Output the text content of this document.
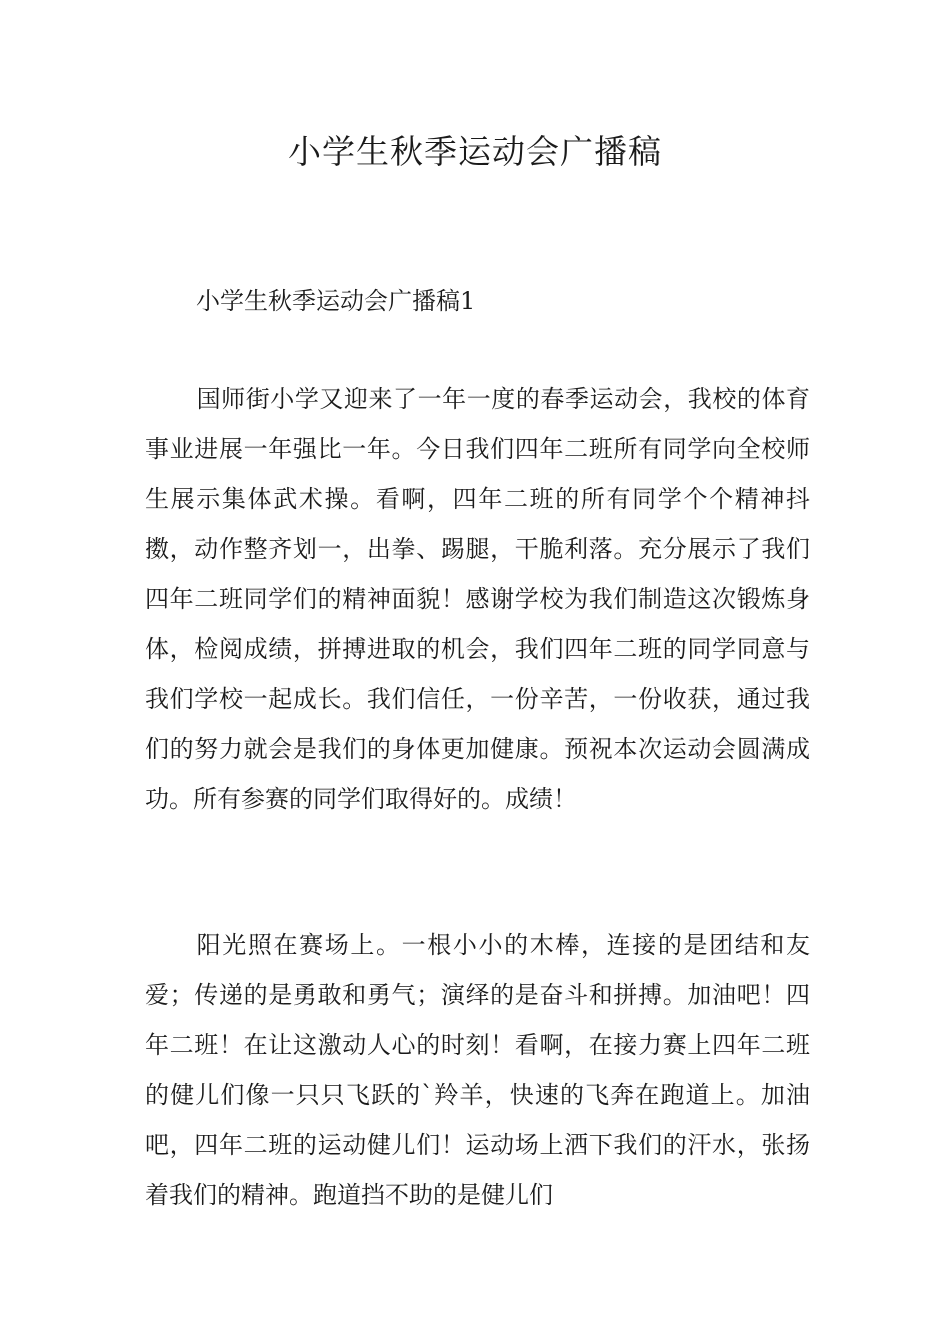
小学生秋季运动会广播稿

小学生秋季运动会广播稿1

国师街小学又迎来了一年一度的春季运动会，我校的体育事业进展一年强比一年。今日我们四年二班所有同学向全校师生展示集体武术操。看啊，四年二班的所有同学个个精神抖擞，动作整齐划一，出拳、踢腿，干脆利落。充分展示了我们四年二班同学们的精神面貌！感谢学校为我们制造这次锻炼身体，检阅成绩，拼搏进取的机会，我们四年二班的同学同意与我们学校一起成长。我们信任，一份辛苦，一份收获，通过我们的努力就会是我们的身体更加健康。预祝本次运动会圆满成功。所有参赛的同学们取得好的。成绩！

阳光照在赛场上。一根小小的木棒，连接的是团结和友爱；传递的是勇敢和勇气；演绎的是奋斗和拼搏。加油吧！四年二班！在让这激动人心的时刻！看啊，在接力赛上四年二班的健儿们像一只只飞跃的`羚羊，快速的飞奔在跑道上。加油吧，四年二班的运动健儿们！运动场上洒下我们的汗水，张扬着我们的精神。跑道挡不助的是健儿们
